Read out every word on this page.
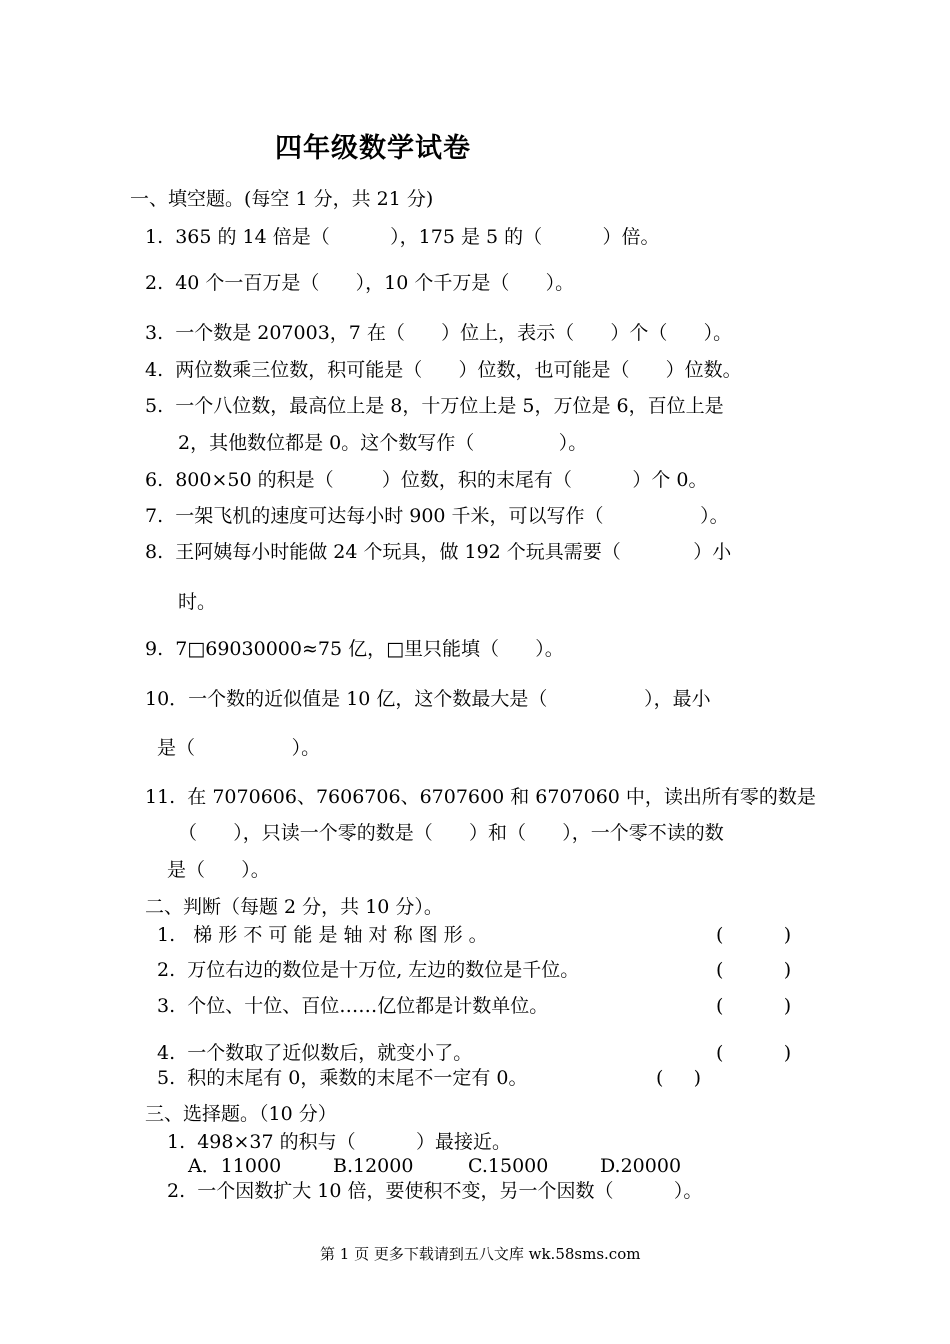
四年级数学试卷
一、填空题。(每空 1 分，共 21 分)
1.  365 的 14 倍是（          ），175 是 5 的（          ）倍。
2.  40 个一百万是（      ），10 个千万是（      ）。
3.  一个数是 207003，7 在（      ）位上，表示（      ）个（      ）。
4.  两位数乘三位数，积可能是（      ）位数，也可能是（      ）位数。
5.  一个八位数，最高位上是 8，十万位上是 5，万位是 6，百位上是
2，其他数位都是 0。这个数写作（              ）。
6.  800×50 的积是（        ）位数，积的末尾有（          ）个 0。
7.  一架飞机的速度可达每小时 900 千米，可以写作（                ）。
8.  王阿姨每小时能做 24 个玩具，做 192 个玩具需要（            ）小
时。
9.  7□69030000≈75 亿，□里只能填（      ）。
10．一个数的近似值是 10 亿，这个数最大是（                ），最小
是（                ）。
11.  在 7070606、7606706、6707600 和 6707060 中，读出所有零的数是
（      ），只读一个零的数是（      ）和（      ），一个零不读的数
是（      ）。
二、判断（每题 2 分，共 10 分）。
1.   梯 形 不 可 能 是 轴 对 称 图 形 。	(          )
2.  万位右边的数位是十万位, 左边的数位是千位。	(          )
3.  个位、十位、百位……亿位都是计数单位。	(          )
4.  一个数取了近似数后，就变小了。	(          )
5.  积的末尾有 0，乘数的末尾不一定有 0。	(     )
三、选择题。（10 分）
1.  498×37 的积与（          ）最接近。
A．11000	B.12000	C.15000	D.20000
2.  一个因数扩大 10 倍，要使积不变，另一个因数（          ）。
第 1 页 更多下载请到五八文库 wk.58sms.com
